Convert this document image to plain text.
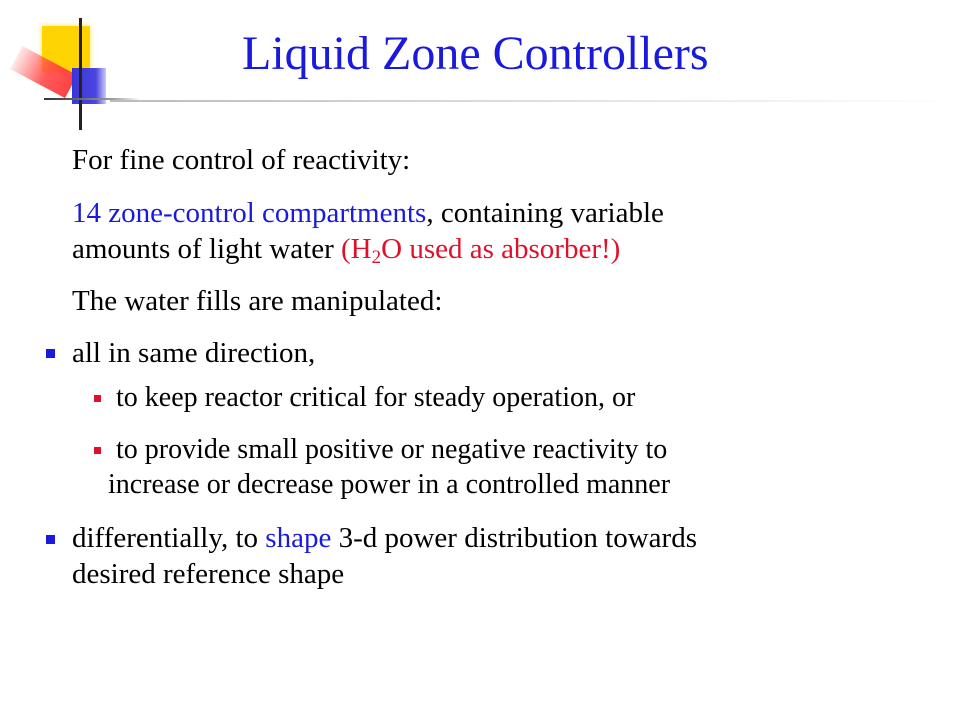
Liquid Zone Controllers
For fine control of reactivity:
14 zone-control compartments, containing variable
amounts of light water ($H_2O$ used as absorber!)
The water fills are manipulated:
all in same direction,
to keep reactor critical for steady operation, or
to provide small positive or negative reactivity to
increase or decrease power in a controlled manner
differentially, to shape 3-d power distribution towards
desired reference shape
